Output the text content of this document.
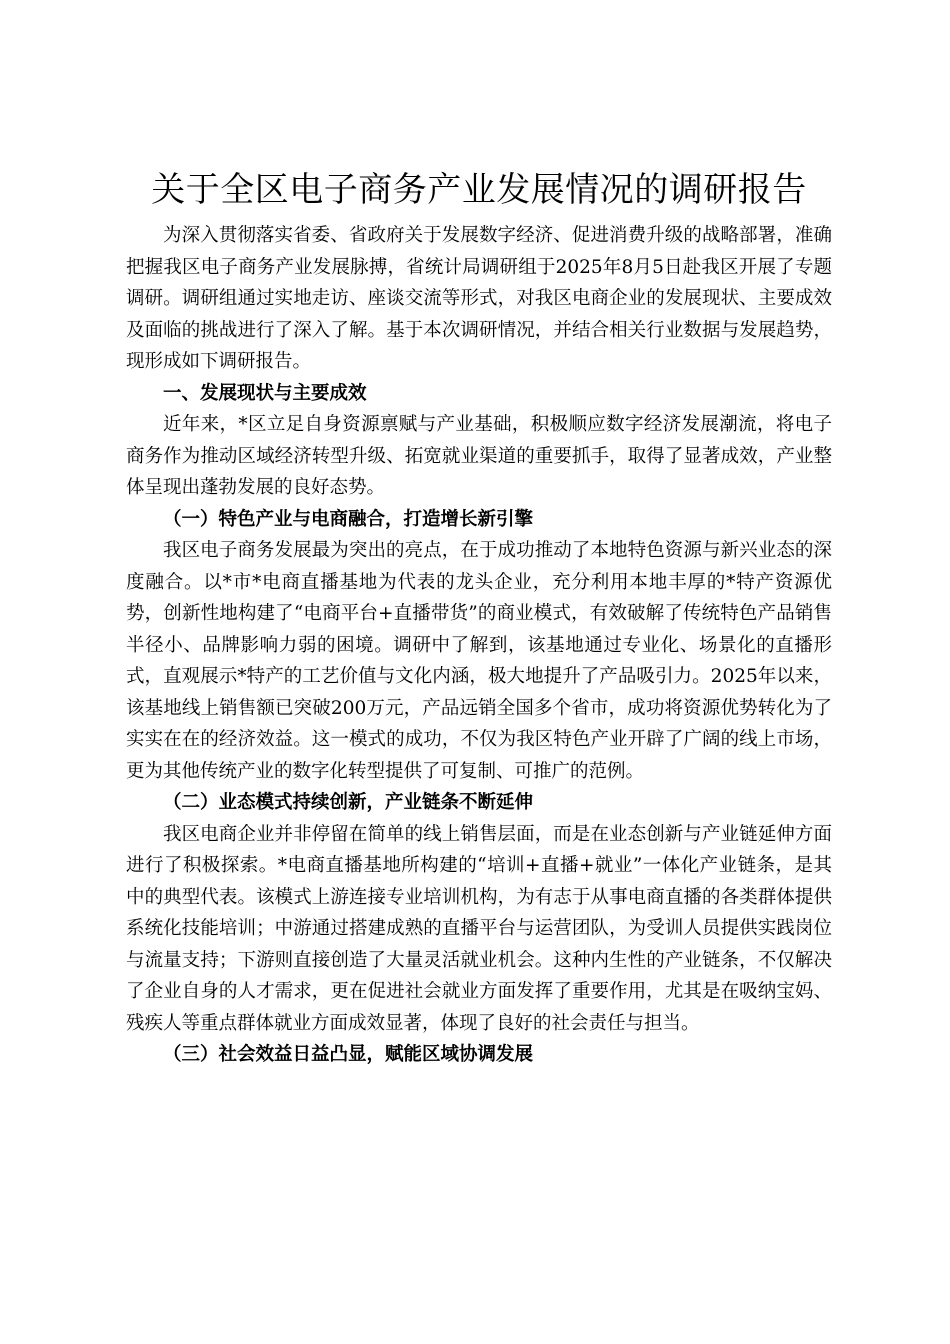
关于全区电子商务产业发展情况的调研报告

为深入贯彻落实省委、省政府关于发展数字经济、促进消费升级的战略部署，准确把握我区电子商务产业发展脉搏，省统计局调研组于2025年8月5日赴我区开展了专题调研。调研组通过实地走访、座谈交流等形式，对我区电商企业的发展现状、主要成效及面临的挑战进行了深入了解。基于本次调研情况，并结合相关行业数据与发展趋势，现形成如下调研报告。

一、发展现状与主要成效

近年来，*区立足自身资源禀赋与产业基础，积极顺应数字经济发展潮流，将电子商务作为推动区域经济转型升级、拓宽就业渠道的重要抓手，取得了显著成效，产业整体呈现出蓬勃发展的良好态势。

（一）特色产业与电商融合，打造增长新引擎

我区电子商务发展最为突出的亮点，在于成功推动了本地特色资源与新兴业态的深度融合。以*市*电商直播基地为代表的龙头企业，充分利用本地丰厚的*特产资源优势，创新性地构建了“电商平台+直播带货”的商业模式，有效破解了传统特色产品销售半径小、品牌影响力弱的困境。调研中了解到，该基地通过专业化、场景化的直播形式，直观展示*特产的工艺价值与文化内涵，极大地提升了产品吸引力。2025年以来，该基地线上销售额已突破200万元，产品远销全国多个省市，成功将资源优势转化为了实实在在的经济效益。这一模式的成功，不仅为我区特色产业开辟了广阔的线上市场，更为其他传统产业的数字化转型提供了可复制、可推广的范例。

（二）业态模式持续创新，产业链条不断延伸

我区电商企业并非停留在简单的线上销售层面，而是在业态创新与产业链延伸方面进行了积极探索。*电商直播基地所构建的“培训+直播+就业”一体化产业链条，是其中的典型代表。该模式上游连接专业培训机构，为有志于从事电商直播的各类群体提供系统化技能培训；中游通过搭建成熟的直播平台与运营团队，为受训人员提供实践岗位与流量支持；下游则直接创造了大量灵活就业机会。这种内生性的产业链条，不仅解决了企业自身的人才需求，更在促进社会就业方面发挥了重要作用，尤其是在吸纳宝妈、残疾人等重点群体就业方面成效显著，体现了良好的社会责任与担当。

（三）社会效益日益凸显，赋能区域协调发展
